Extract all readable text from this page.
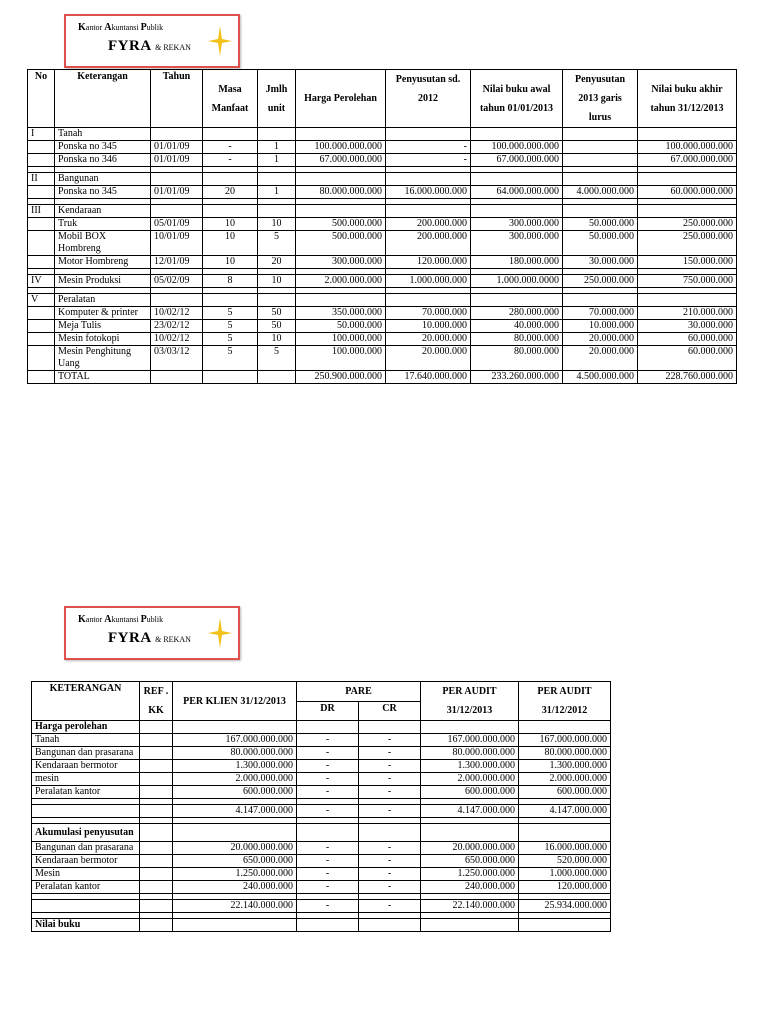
Kantor Akuntansi Publik
FYRA & REKAN
No	Keterangan	Tahun	Masa Manfaat	Jmlh unit	Harga Perolehan	Penyusutan sd. 2012	Nilai buku awal tahun 01/01/2013	Penyusutan 2013 garis lurus	Nilai buku akhir tahun 31/12/2013
I	Tanah								
	Ponska no 345	01/01/09	-	1	100.000.000.000	-	100.000.000.000		100.000.000.000
	Ponska no 346	01/01/09	-	1	67.000.000.000	-	67.000.000.000		67.000.000.000

II	Bangunan								
	Ponska no 345	01/01/09	20	1	80.000.000.000	16.000.000.000	64.000.000.000	4.000.000.000	60.000.000.000

III	Kendaraan								
	Truk	05/01/09	10	10	500.000.000	200.000.000	300.000.000	50.000.000	250.000.000
	Mobil BOX Hombreng	10/01/09	10	5	500.000.000	200.000.000	300.000.000	50.000.000	250.000.000
	Motor Hombreng	12/01/09	10	20	300.000.000	120.000.000	180.000.000	30.000.000	150.000.000

IV	Mesin Produksi	05/02/09	8	10	2.000.000.000	1.000.000.000	1.000.000.0000	250.000.000	750.000.000

V	Peralatan								
	Komputer & printer	10/02/12	5	50	350.000.000	70.000.000	280.000.000	70.000.000	210.000.000
	Meja Tulis	23/02/12	5	50	50.000.000	10.000.000	40.000.000	10.000.000	30.000.000
	Mesin fotokopi	10/02/12	5	10	100.000.000	20.000.000	80.000.000	20.000.000	60.000.000
	Mesin Penghitung Uang	03/03/12	5	5	100.000.000	20.000.000	80.000.000	20.000.000	60.000.000
	TOTAL				250.900.000.000	17.640.000.000	233.260.000.000	4.500.000.000	228.760.000.000
Kantor Akuntansi Publik
FYRA & REKAN
KETERANGAN	REF . KK	PER KLIEN 31/12/2013	PARE		PER AUDIT 31/12/2013	PER AUDIT 31/12/2012
			DR	CR		
Harga perolehan						
Tanah		167.000.000.000	-	-	167.000.000.000	167.000.000.000
Bangunan dan prasarana		80.000.000.000	-	-	80.000.000.000	80.000.000.000
Kendaraan bermotor		1.300.000.000	-	-	1.300.000.000	1.300.000.000
mesin		2.000.000.000	-	-	2.000.000.000	2.000.000.000
Peralatan kantor		600.000.000	-	-	600.000.000	600.000.000

		4.147.000.000	-	-	4.147.000.000	4.147.000.000

Akumulasi penyusutan						
Bangunan dan prasarana		20.000.000.000	-	-	20.000.000.000	16.000.000.000
Kendaraan bermotor		650.000.000	-	-	650.000.000	520.000.000
Mesin		1.250.000.000	-	-	1.250.000.000	1.000.000.000
Peralatan kantor		240.000.000	-	-	240.000.000	120.000.000

		22.140.000.000	-	-	22.140.000.000	25.934.000.000

Nilai buku						
